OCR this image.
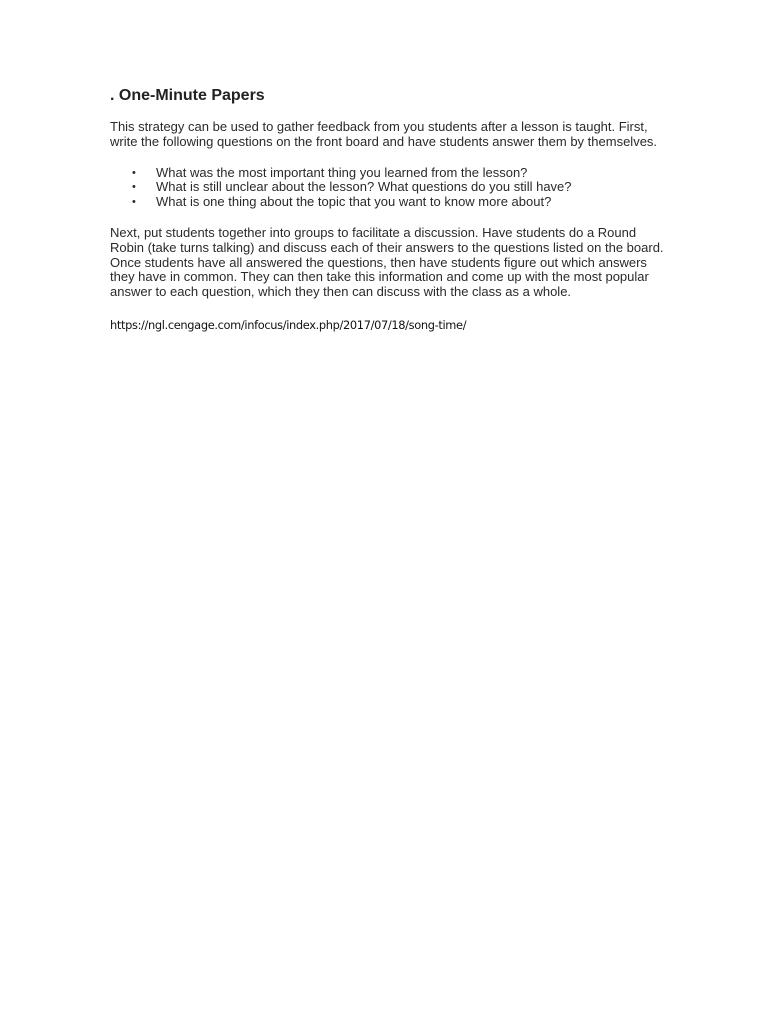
. One-Minute Papers

This strategy can be used to gather feedback from you students after a lesson is taught. First, write the following questions on the front board and have students answer them by themselves.

• What was the most important thing you learned from the lesson?
• What is still unclear about the lesson? What questions do you still have?
• What is one thing about the topic that you want to know more about?

Next, put students together into groups to facilitate a discussion. Have students do a Round Robin (take turns talking) and discuss each of their answers to the questions listed on the board. Once students have all answered the questions, then have students figure out which answers they have in common. They can then take this information and come up with the most popular answer to each question, which they then can discuss with the class as a whole.

https://ngl.cengage.com/infocus/index.php/2017/07/18/song-time/
